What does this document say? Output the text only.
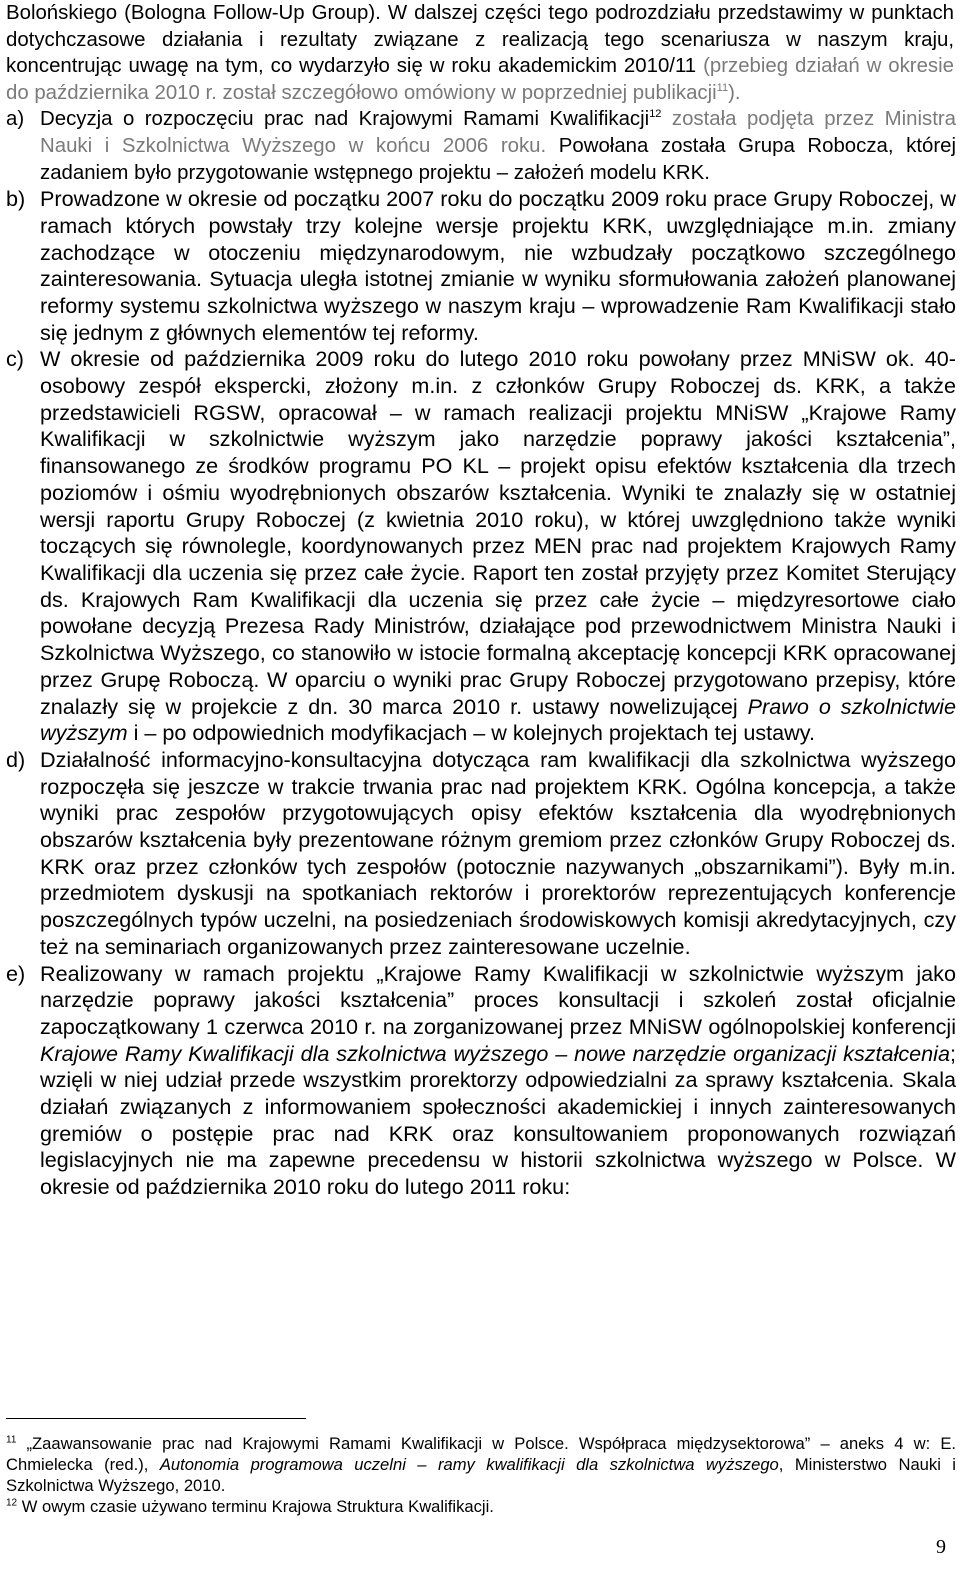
Bolońskiego (Bologna Follow-Up Group). W dalszej części tego podrozdziału przedstawimy w punktach dotychczasowe działania i rezultaty związane z realizacją tego scenariusza w naszym kraju, koncentrując uwagę na tym, co wydarzyło się w roku akademickim 2010/11 (przebieg działań w okresie do października 2010 r. został szczegółowo omówiony w poprzedniej publikacji$^{11}$).

a) Decyzja o rozpoczęciu prac nad Krajowymi Ramami Kwalifikacji$^{12}$ została podjęta przez Ministra Nauki i Szkolnictwa Wyższego w końcu 2006 roku. Powołana została Grupa Robocza, której zadaniem było przygotowanie wstępnego projektu – założeń modelu KRK.
b) Prowadzone w okresie od początku 2007 roku do początku 2009 roku prace Grupy Roboczej, w ramach których powstały trzy kolejne wersje projektu KRK, uwzględniające m.in. zmiany zachodzące w otoczeniu międzynarodowym, nie wzbudzały początkowo szczególnego zainteresowania. Sytuacja uległa istotnej zmianie w wyniku sformułowania założeń planowanej reformy systemu szkolnictwa wyższego w naszym kraju – wprowadzenie Ram Kwalifikacji stało się jednym z głównych elementów tej reformy.
c) W okresie od października 2009 roku do lutego 2010 roku powołany przez MNiSW ok. 40-osobowy zespół ekspercki, złożony m.in. z członków Grupy Roboczej ds. KRK, a także przedstawicieli RGSW, opracował – w ramach realizacji projektu MNiSW „Krajowe Ramy Kwalifikacji w szkolnictwie wyższym jako narzędzie poprawy jakości kształcenia”, finansowanego ze środków programu PO KL – projekt opisu efektów kształcenia dla trzech poziomów i ośmiu wyodrębnionych obszarów kształcenia. Wyniki te znalazły się w ostatniej wersji raportu Grupy Roboczej (z kwietnia 2010 roku), w której uwzględniono także wyniki toczących się równolegle, koordynowanych przez MEN prac nad projektem Krajowych Ramy Kwalifikacji dla uczenia się przez całe życie. Raport ten został przyjęty przez Komitet Sterujący ds. Krajowych Ram Kwalifikacji dla uczenia się przez całe życie – międzyresortowe ciało powołane decyzją Prezesa Rady Ministrów, działające pod przewodnictwem Ministra Nauki i Szkolnictwa Wyższego, co stanowiło w istocie formalną akceptację koncepcji KRK opracowanej przez Grupę Roboczą. W oparciu o wyniki prac Grupy Roboczej przygotowano przepisy, które znalazły się w projekcie z dn. 30 marca 2010 r. ustawy nowelizującej Prawo o szkolnictwie wyższym i – po odpowiednich modyfikacjach – w kolejnych projektach tej ustawy.
d) Działalność informacyjno-konsultacyjna dotycząca ram kwalifikacji dla szkolnictwa wyższego rozpoczęła się jeszcze w trakcie trwania prac nad projektem KRK. Ogólna koncepcja, a także wyniki prac zespołów przygotowujących opisy efektów kształcenia dla wyodrębnionych obszarów kształcenia były prezentowane różnym gremiom przez członków Grupy Roboczej ds. KRK oraz przez członków tych zespołów (potocznie nazywanych „obszarnikami”). Były m.in. przedmiotem dyskusji na spotkaniach rektorów i prorektorów reprezentujących konferencje poszczególnych typów uczelni, na posiedzeniach środowiskowych komisji akredytacyjnych, czy też na seminariach organizowanych przez zainteresowane uczelnie.
e) Realizowany w ramach projektu „Krajowe Ramy Kwalifikacji w szkolnictwie wyższym jako narzędzie poprawy jakości kształcenia” proces konsultacji i szkoleń został oficjalnie zapoczątkowany 1 czerwca 2010 r. na zorganizowanej przez MNiSW ogólnopolskiej konferencji Krajowe Ramy Kwalifikacji dla szkolnictwa wyższego – nowe narzędzie organizacji kształcenia; wzięli w niej udział przede wszystkim prorektorzy odpowiedzialni za sprawy kształcenia. Skala działań związanych z informowaniem społeczności akademickiej i innych zainteresowanych gremiów o postępie prac nad KRK oraz konsultowaniem proponowanych rozwiązań legislacyjnych nie ma zapewne precedensu w historii szkolnictwa wyższego w Polsce. W okresie od października 2010 roku do lutego 2011 roku:

$^{11}$ „Zaawansowanie prac nad Krajowymi Ramami Kwalifikacji w Polsce. Współpraca międzysektorowa” – aneks 4 w: E. Chmielecka (red.), Autonomia programowa uczelni – ramy kwalifikacji dla szkolnictwa wyższego, Ministerstwo Nauki i Szkolnictwa Wyższego, 2010.

$^{12}$ W owym czasie używano terminu Krajowa Struktura Kwalifikacji.

9
